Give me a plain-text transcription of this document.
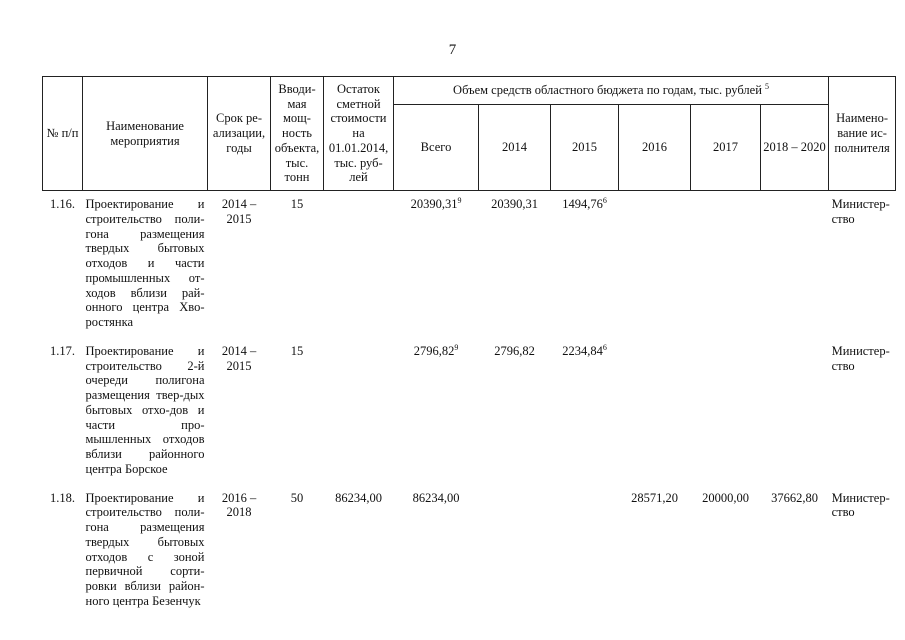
7
№ п/п	Наименование мероприятия	Срок ре-ализации, годы	Вводи-мая мощ-ность объекта, тыс. тонн	Остаток сметной стоимости на 01.01.2014, тыс. руб-лей	Объем средств областного бюджета по годам, тыс. рублей $^5$						Наимено-вание ис-полнителя
					Всего	2014	2015	2016	2017	2018 – 2020	
1.16.	Проектирование и строительство поли-гона размещения твердых бытовых отходов и части промышленных от-ходов вблизи рай-онного центра Хво-ростянка	2014 – 2015	15		20390,31$^9$	20390,31	1494,76$^6$				Министер-ство
1.17.	Проектирование и строительство 2-й очереди полигона размещения твер-дых бытовых отхо-дов и части про-мышленных отходов вблизи районного центра Борское	2014 – 2015	15		2796,82$^9$	2796,82	2234,84$^6$				Министер-ство
1.18.	Проектирование и строительство поли-гона размещения твердых бытовых отходов с зоной первичной сорти-ровки вблизи район-ного центра Безенчук	2016 – 2018	50	86234,00	86234,00			28571,20	20000,00	37662,80	Министер-ство
